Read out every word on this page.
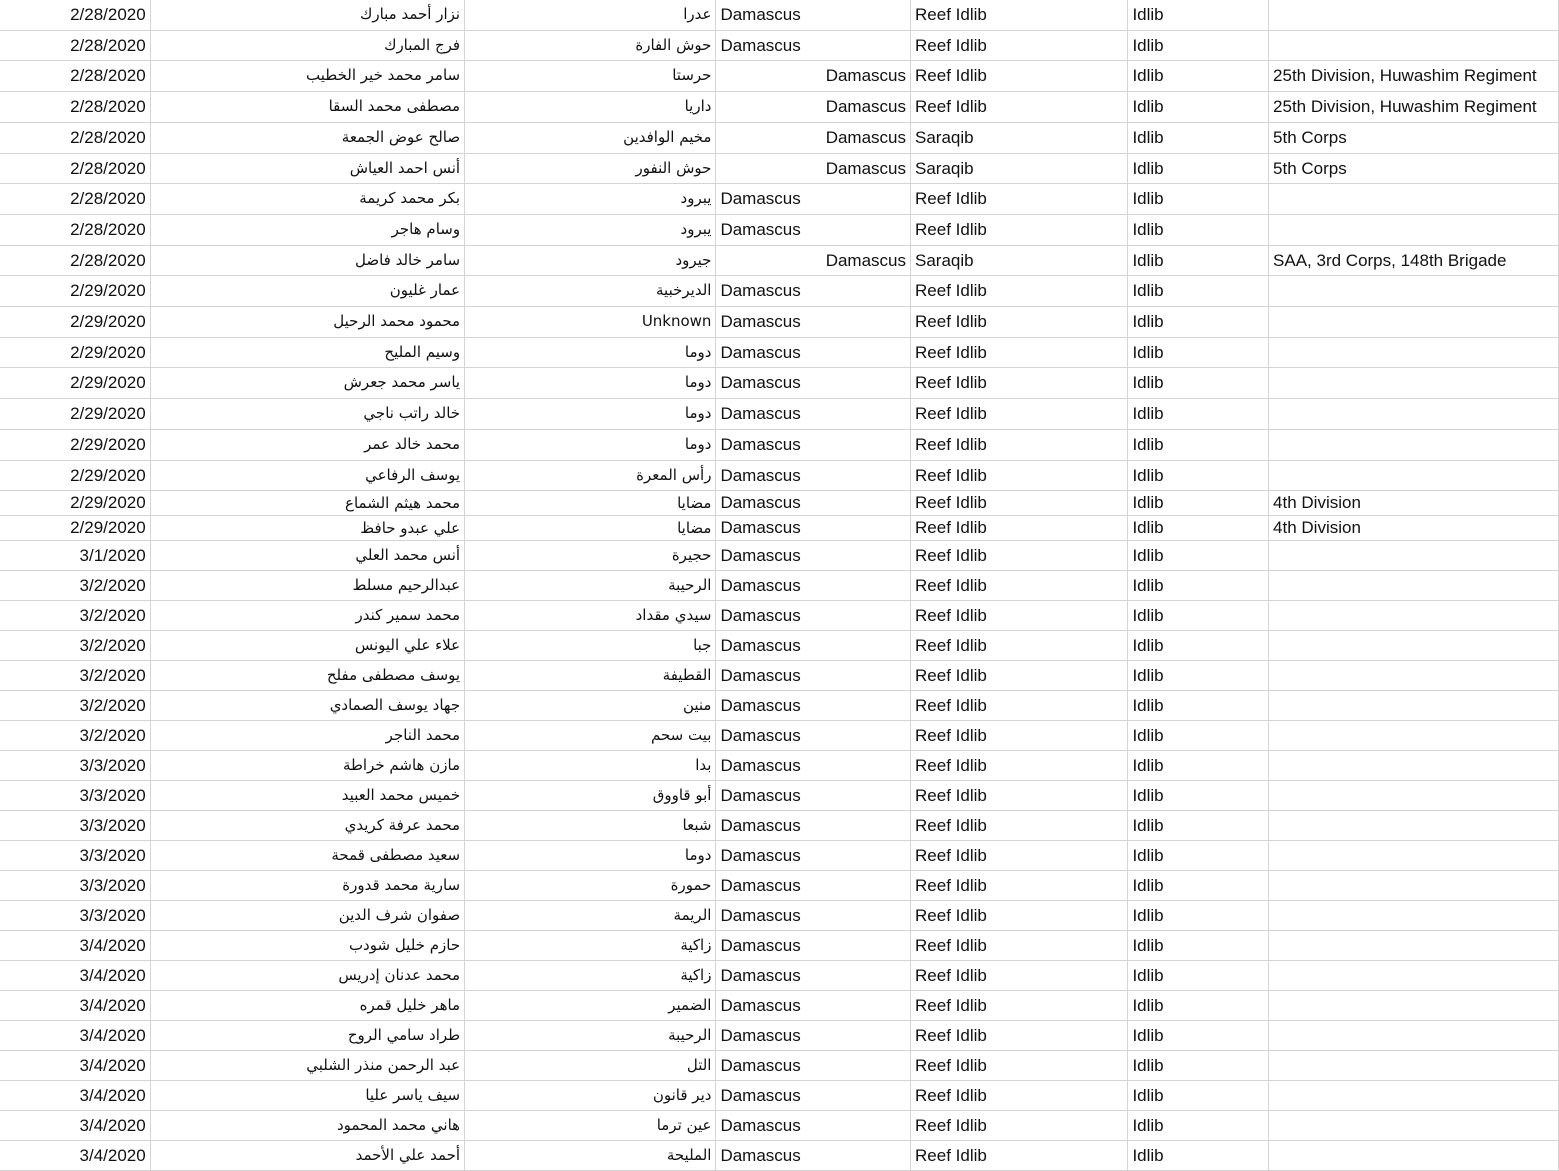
2/28/2020	نزار أحمد مبارك	عدرا	Damascus	Reef Idlib	Idlib	
2/28/2020	فرج المبارك	حوش الفارة	Damascus	Reef Idlib	Idlib	
2/28/2020	سامر محمد خير الخطيب	حرستا	Damascus	Reef Idlib	Idlib	25th Division, Huwashim Regiment
2/28/2020	مصطفى محمد السقا	داريا	Damascus	Reef Idlib	Idlib	25th Division, Huwashim Regiment
2/28/2020	صالح عوض الجمعة	مخيم الوافدين	Damascus	Saraqib	Idlib	5th Corps
2/28/2020	أنس احمد العياش	حوش النفور	Damascus	Saraqib	Idlib	5th Corps
2/28/2020	بكر محمد كريمة	يبرود	Damascus	Reef Idlib	Idlib	
2/28/2020	وسام هاجر	يبرود	Damascus	Reef Idlib	Idlib	
2/28/2020	سامر خالد فاضل	جيرود	Damascus	Saraqib	Idlib	SAA, 3rd Corps, 148th Brigade
2/29/2020	عمار غليون	الديرخبية	Damascus	Reef Idlib	Idlib	
2/29/2020	محمود محمد الرحيل	Unknown	Damascus	Reef Idlib	Idlib	
2/29/2020	وسيم المليح	دوما	Damascus	Reef Idlib	Idlib	
2/29/2020	ياسر محمد جعرش	دوما	Damascus	Reef Idlib	Idlib	
2/29/2020	خالد راتب ناجي	دوما	Damascus	Reef Idlib	Idlib	
2/29/2020	محمد خالد عمر	دوما	Damascus	Reef Idlib	Idlib	
2/29/2020	يوسف الرفاعي	رأس المعرة	Damascus	Reef Idlib	Idlib	
2/29/2020	محمد هيثم الشماع	مضايا	Damascus	Reef Idlib	Idlib	4th Division
2/29/2020	علي عبدو حافظ	مضايا	Damascus	Reef Idlib	Idlib	4th Division
3/1/2020	أنس محمد العلي	حجيرة	Damascus	Reef Idlib	Idlib	
3/2/2020	عبدالرحيم مسلط	الرحيبة	Damascus	Reef Idlib	Idlib	
3/2/2020	محمد سمير كندر	سيدي مقداد	Damascus	Reef Idlib	Idlib	
3/2/2020	علاء علي اليونس	جبا	Damascus	Reef Idlib	Idlib	
3/2/2020	يوسف مصطفى مفلح	القطيفة	Damascus	Reef Idlib	Idlib	
3/2/2020	جهاد يوسف الصمادي	منين	Damascus	Reef Idlib	Idlib	
3/2/2020	محمد الناجر	بيت سحم	Damascus	Reef Idlib	Idlib	
3/3/2020	مازن هاشم خراطة	بدا	Damascus	Reef Idlib	Idlib	
3/3/2020	خميس محمد العبيد	أبو قاووق	Damascus	Reef Idlib	Idlib	
3/3/2020	محمد عرفة كريدي	شبعا	Damascus	Reef Idlib	Idlib	
3/3/2020	سعيد مصطفى قمحة	دوما	Damascus	Reef Idlib	Idlib	
3/3/2020	سارية محمد قدورة	حمورة	Damascus	Reef Idlib	Idlib	
3/3/2020	صفوان شرف الدين	الريمة	Damascus	Reef Idlib	Idlib	
3/4/2020	حازم خليل شودب	زاكية	Damascus	Reef Idlib	Idlib	
3/4/2020	محمد عدنان إدريس	زاكية	Damascus	Reef Idlib	Idlib	
3/4/2020	ماهر خليل قمره	الضمير	Damascus	Reef Idlib	Idlib	
3/4/2020	طراد سامي الروح	الرحيبة	Damascus	Reef Idlib	Idlib	
3/4/2020	عبد الرحمن منذر الشلبي	التل	Damascus	Reef Idlib	Idlib	
3/4/2020	سيف ياسر عليا	دير قانون	Damascus	Reef Idlib	Idlib	
3/4/2020	هاني محمد المحمود	عين ترما	Damascus	Reef Idlib	Idlib	
3/4/2020	أحمد علي الأحمد	المليحة	Damascus	Reef Idlib	Idlib	
